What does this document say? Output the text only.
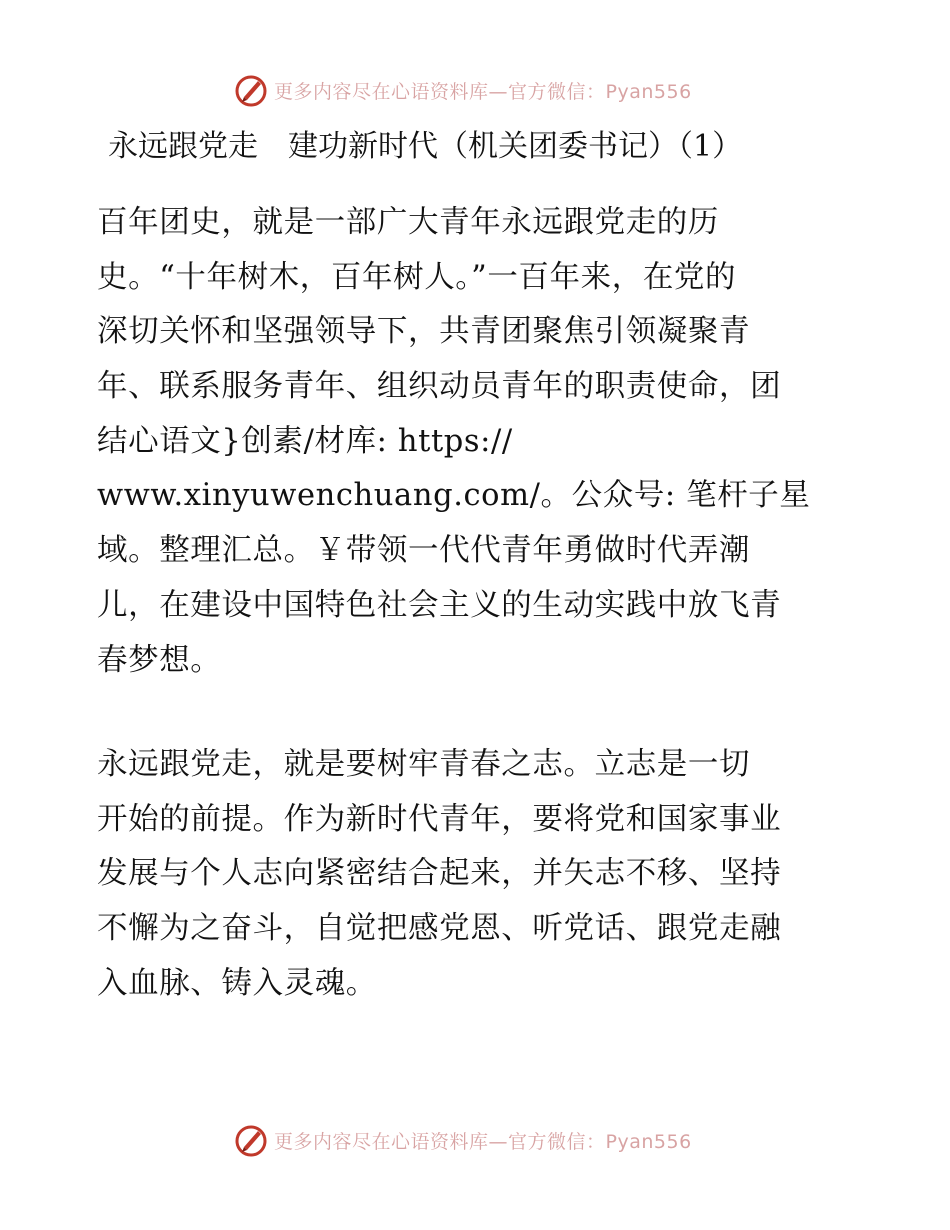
更多内容尽在心语资料库—官方微信：Pyan556
永远跟党走　建功新时代（机关团委书记）（1）
百年团史，就是一部广大青年永远跟党走的历
史。“十年树木，百年树人。”一百年来，在党的
深切关怀和坚强领导下，共青团聚焦引领凝聚青
年、联系服务青年、组织动员青年的职责使命，团
结心语文}创素/材库: https://
www.xinyuwenchuang.com/。公众号: 笔杆子星
域。整理汇总。￥带领一代代青年勇做时代弄潮
儿，在建设中国特色社会主义的生动实践中放飞青
春梦想。
永远跟党走，就是要树牢青春之志。立志是一切
开始的前提。作为新时代青年，要将党和国家事业
发展与个人志向紧密结合起来，并矢志不移、坚持
不懈为之奋斗，自觉把感党恩、听党话、跟党走融
入血脉、铸入灵魂。
更多内容尽在心语资料库—官方微信：Pyan556
